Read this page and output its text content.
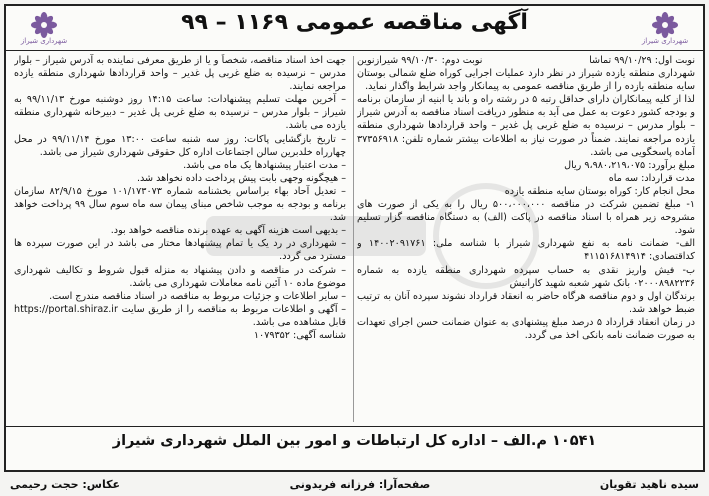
شهرداری شیراز
آگهی مناقصه عمومی ۱۱۶۹ – ۹۹
شهرداری شیراز
نوبت اول: ۹۹/۱۰/۲۹ تماشا
نوبت دوم: ۹۹/۱۰/۳۰ شیرازنوین

شهرداری منطقه یازده شیراز در نظر دارد عملیات اجرایی کوراه ضلع شمالی بوستان سایه منطقه یازده را از طریق مناقصه عمومی به پیمانکار واجد شرایط واگذار نماید.

لذا از کلیه پیمانکاران دارای حداقل رتبه ۵ در رشته راه و باند یا ابنیه از سازمان برنامه و بودجه کشور دعوت به عمل می آید به منظور دریافت اسناد مناقصه به آدرس شیراز – بلوار مدرس – نرسیده به ضلع غربی پل غدیر – واحد قراردادها شهرداری منطقه یازده مراجعه نمایند. ضمناً در صورت نیاز به اطلاعات بیشتر شماره تلفن: ۳۷۳۵۶۹۱۸ آماده پاسخگویی می باشد.

مبلغ برآورد: ۹،۹۸۰،۲۱۹،۰۷۵ ریال

مدت قرارداد: سه ماه

محل انجام کار: کوراه بوستان سایه منطقه یازده

۱- مبلغ تضمین شرکت در مناقصه ۵۰۰،۰۰۰،۰۰۰ ریال را به یکی از صورت های مشروحه زیر همراه با اسناد مناقصه در پاکت (الف) به دستگاه مناقصه گزار تسلیم شود.

الف- ضمانت نامه به نفع شهرداری شیراز با شناسه ملی: ۱۴۰۰۲۰۹۱۷۶۱ و کداقتصادی: ۴۱۱۵۱۶۸۱۴۹۱۴

ب- فیش واریز نقدی به حساب سپرده شهرداری منطقه یازده به شماره ۰۲۰۰۰۸۹۸۲۲۳۶ بانک شهر شعبه شهید کارانیش

برندگان اول و دوم مناقصه هرگاه حاضر به انعقاد قرارداد نشوند سپرده آنان به ترتیب ضبط خواهد شد.

در زمان انعقاد قرارداد ۵ درصد مبلغ پیشنهادی به عنوان ضمانت حسن اجرای تعهدات به صورت ضمانت نامه بانکی اخذ می گردد.

جهت اخذ اسناد مناقصه، شخصاً و یا از طریق معرفی نماینده به آدرس شیراز – بلوار مدرس – نرسیده به ضلع غربی پل غدیر – واحد قراردادها شهرداری منطقه یازده مراجعه نمایند.

– آخرین مهلت تسلیم پیشنهادات: ساعت ۱۴:۱۵ روز دوشنبه مورخ ۹۹/۱۱/۱۳ به شیراز – بلوار مدرس – نرسیده به ضلع غربی پل غدیر – دبیرخانه شهرداری منطقه یازده می باشد.

– تاریخ بازگشایی پاکات: روز سه شنبه ساعت ۱۳:۰۰ مورخ ۹۹/۱۱/۱۴ در محل چهارراه خلدبرین سالن اجتماعات اداره کل حقوقی شهرداری شیراز می باشد.

– مدت اعتبار پیشنهادها یک ماه می باشد.

– هیچگونه وجهی بابت پیش پرداخت داده نخواهد شد.

– تعدیل آحاد بهاء براساس بخشنامه شماره ۱۰۱/۱۷۳۰۷۳ مورخ ۸۲/۹/۱۵ سازمان برنامه و بودجه به موجب شاخص مبنای پیمان سه ماه سوم سال ۹۹ پرداخت خواهد شد.

– بدیهی است هزینه آگهی به عهده برنده مناقصه خواهد بود.

– شهرداری در رد یک یا تمام پیشنهادها مختار می باشد در این صورت سپرده ها مسترد می گردد.

– شرکت در مناقصه و دادن پیشنهاد به منزله قبول شروط و تکالیف شهرداری موضوع ماده ۱۰ آئین نامه معاملات شهرداری می باشد.

– سایر اطلاعات و جزئیات مربوط به مناقصه در اسناد مناقصه مندرج است.

– آگهی و اطلاعات مربوط به مناقصه را از طریق سایت https://portal.shiraz.ir قابل مشاهده می باشد.

شناسه آگهی: ۱۰۷۹۳۵۲

۱۰۵۴۱ م.الف – اداره کل ارتباطات و امور بین الملل شهرداری شیراز
سیده ناهید تقویان
صفحه‌آرا: فرزانه فریدونی
عکاس: حجت رحیمی
